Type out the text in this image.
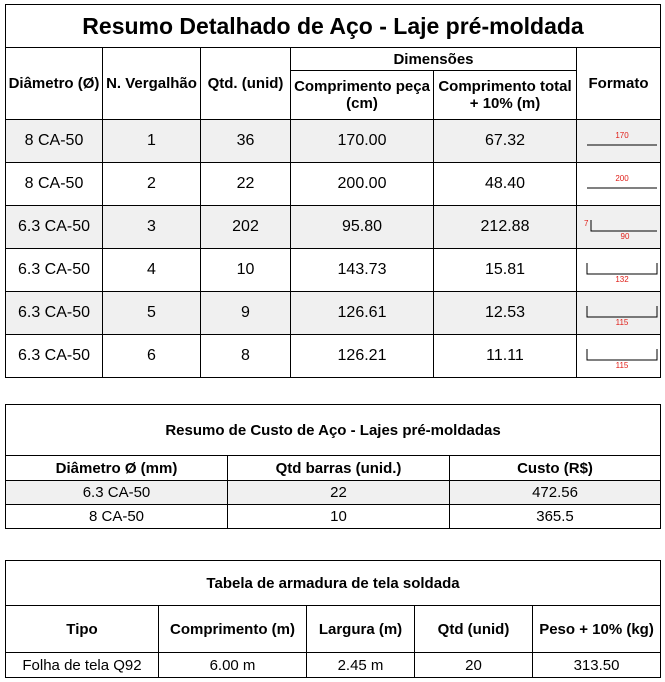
Resumo Detalhado de Aço - Laje pré-moldada					
Diâmetro (Ø)	N. Vergalhão	Qtd. (unid)	Dimensões		Formato
			Comprimento peça (cm)	Comprimento total + 10% (m)	
8 CA-50	1	36	170.00	67.32	170

8 CA-50	2	22	200.00	48.40	200

6.3 CA-50	3	202	95.80	212.88	90
7

6.3 CA-50	4	10	143.73	15.81	132

6.3 CA-50	5	9	126.61	12.53	115

6.3 CA-50	6	8	126.21	11.11	115
Resumo de Custo de Aço - Lajes pré-moldadas		
Diâmetro Ø (mm)	Qtd barras (unid.)	Custo (R$)
6.3 CA-50	22	472.56
8 CA-50	10	365.5
Tabela de armadura de tela soldada				
Tipo	Comprimento (m)	Largura (m)	Qtd (unid)	Peso + 10% (kg)
Folha de tela Q92	6.00 m	2.45 m	20	313.50
